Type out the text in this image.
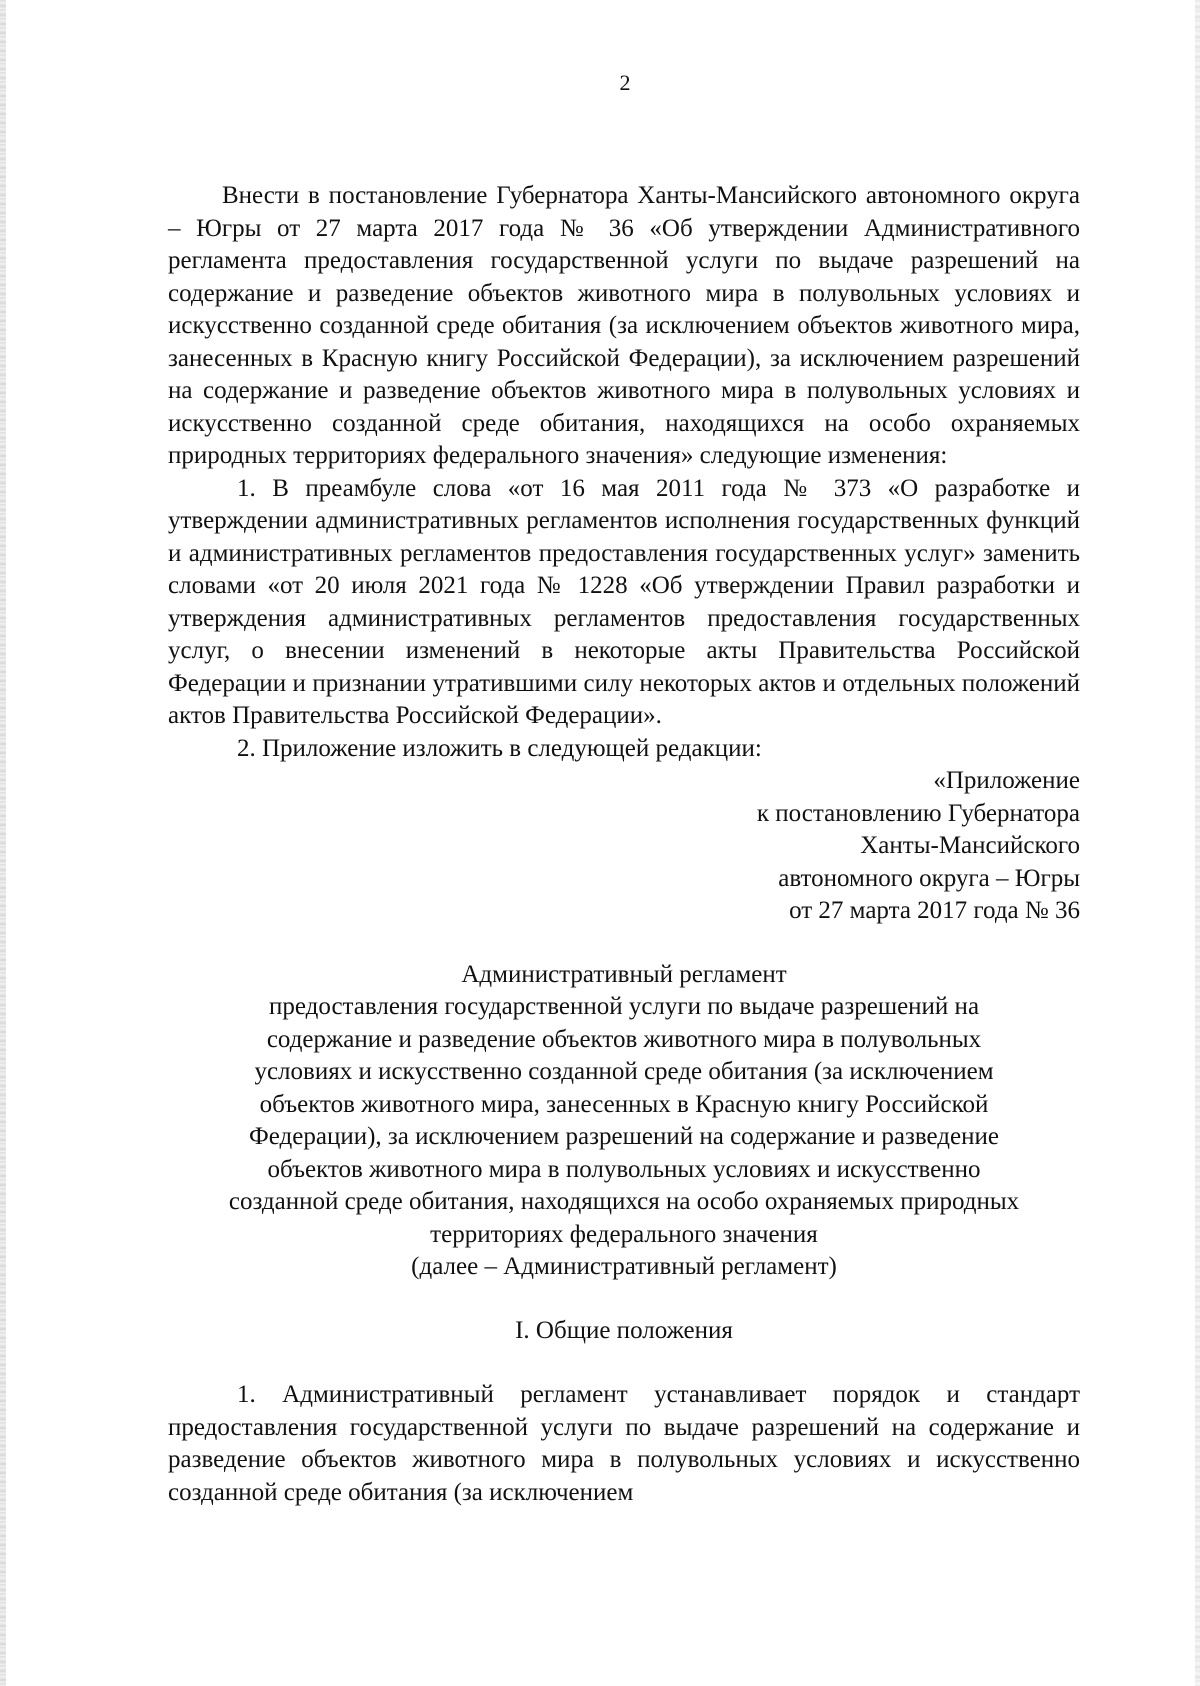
2

Внести в постановление Губернатора Ханты-Мансийского автономного округа – Югры от 27 марта 2017 года № 36 «Об утверждении Административного регламента предоставления государственной услуги по выдаче разрешений на содержание и разведение объектов животного мира в полувольных условиях и искусственно созданной среде обитания (за исключением объектов животного мира, занесенных в Красную книгу Российской Федерации), за исключением разрешений на содержание и разведение объектов животного мира в полувольных условиях и искусственно созданной среде обитания, находящихся на особо охраняемых природных территориях федерального значения» следующие изменения:

1. В преамбуле слова «от 16 мая 2011 года № 373 «О разработке и утверждении административных регламентов исполнения государственных функций и административных регламентов предоставления государственных услуг» заменить словами «от 20 июля 2021 года № 1228 «Об утверждении Правил разработки и утверждения административных регламентов предоставления государственных услуг, о внесении изменений в некоторые акты Правительства Российской Федерации и признании утратившими силу некоторых актов и отдельных положений актов Правительства Российской Федерации».

2. Приложение изложить в следующей редакции:

«Приложение
к постановлению Губернатора
Ханты-Мансийского
автономного округа – Югры
от 27 марта 2017 года № 36
Административный регламент
предоставления государственной услуги по выдаче разрешений на
содержание и разведение объектов животного мира в полувольных
условиях и искусственно созданной среде обитания (за исключением
объектов животного мира, занесенных в Красную книгу Российской
Федерации), за исключением разрешений на содержание и разведение
объектов животного мира в полувольных условиях и искусственно
созданной среде обитания, находящихся на особо охраняемых природных
территориях федерального значения
(далее – Административный регламент)
I. Общие положения

1. Административный регламент устанавливает порядок и стандарт предоставления государственной услуги по выдаче разрешений на содержание и разведение объектов животного мира в полувольных условиях и искусственно созданной среде обитания (за исключением
